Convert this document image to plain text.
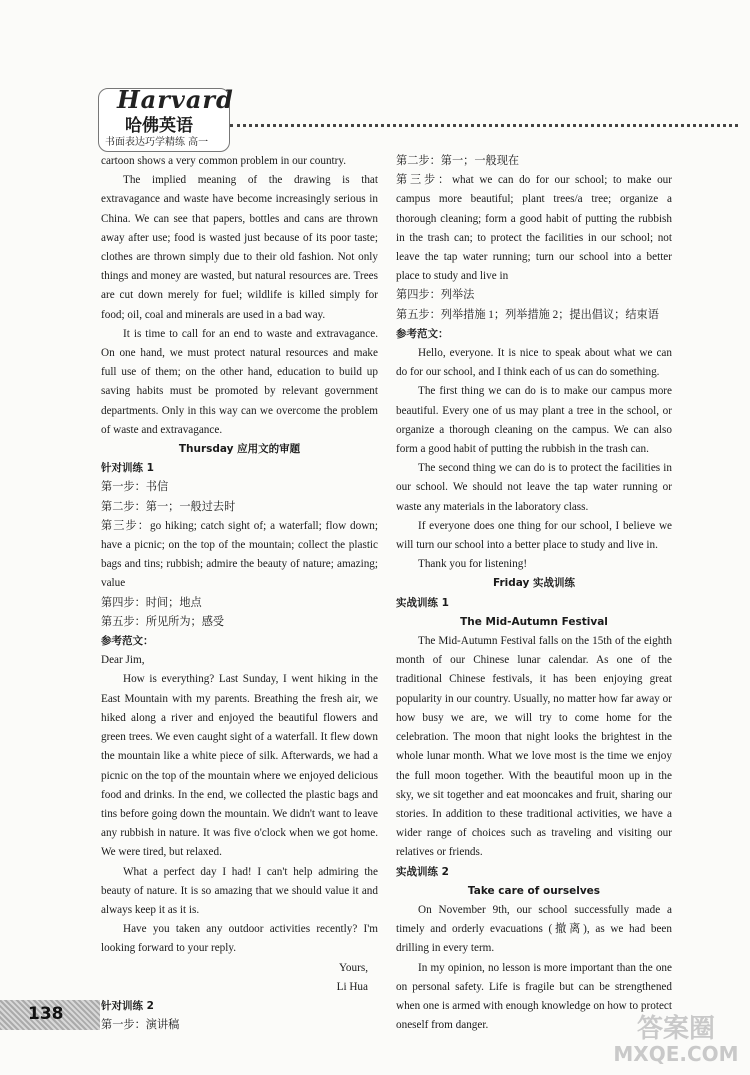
Harvard
哈佛英语
书面表达巧学精练 高一

cartoon shows a very common problem in our country.

The implied meaning of the drawing is that extravagance and waste have become increasingly serious in China. We can see that papers, bottles and cans are thrown away after use; food is wasted just because of its poor taste; clothes are thrown simply due to their old fashion. Not only things and money are wasted, but natural resources are. Trees are cut down merely for fuel; wildlife is killed simply for food; oil, coal and minerals are used in a bad way.

It is time to call for an end to waste and extravagance. On one hand, we must protect natural resources and make full use of them; on the other hand, education to build up saving habits must be promoted by relevant government departments. Only in this way can we overcome the problem of waste and extravagance.

Thursday 应用文的审题

针对训练 1

第一步：书信

第二步：第一；一般过去时

第三步：go hiking; catch sight of; a waterfall; flow down; have a picnic; on the top of the mountain; collect the plastic bags and tins; rubbish; admire the beauty of nature; amazing; value

第四步：时间；地点

第五步：所见所为；感受

参考范文：

Dear Jim,

How is everything? Last Sunday, I went hiking in the East Mountain with my parents. Breathing the fresh air, we hiked along a river and enjoyed the beautiful flowers and green trees. We even caught sight of a waterfall. It flew down the mountain like a white piece of silk. Afterwards, we had a picnic on the top of the mountain where we enjoyed delicious food and drinks. In the end, we collected the plastic bags and tins before going down the mountain. We didn't want to leave any rubbish in nature. It was five o'clock when we got home. We were tired, but relaxed.

What a perfect day I had! I can't help admiring the beauty of nature. It is so amazing that we should value it and always keep it as it is.

Have you taken any outdoor activities recently? I'm looking forward to your reply.

Yours,

Li Hua

针对训练 2

第一步：演讲稿

第二步：第一；一般现在

第三步：what we can do for our school; to make our campus more beautiful; plant trees/a tree; organize a thorough cleaning; form a good habit of putting the rubbish in the trash can; to protect the facilities in our school; not leave the tap water running; turn our school into a better place to study and live in

第四步：列举法

第五步：列举措施 1；列举措施 2；提出倡议；结束语

参考范文：

Hello, everyone. It is nice to speak about what we can do for our school, and I think each of us can do something.

The first thing we can do is to make our campus more beautiful. Every one of us may plant a tree in the school, or organize a thorough cleaning on the campus. We can also form a good habit of putting the rubbish in the trash can.

The second thing we can do is to protect the facilities in our school. We should not leave the tap water running or waste any materials in the laboratory class.

If everyone does one thing for our school, I believe we will turn our school into a better place to study and live in.

Thank you for listening!

Friday 实战训练

实战训练 1

The Mid-Autumn Festival

The Mid-Autumn Festival falls on the 15th of the eighth month of our Chinese lunar calendar. As one of the traditional Chinese festivals, it has been enjoying great popularity in our country. Usually, no matter how far away or how busy we are, we will try to come home for the celebration. The moon that night looks the brightest in the whole lunar month. What we love most is the time we enjoy the full moon together. With the beautiful moon up in the sky, we sit together and eat mooncakes and fruit, sharing our stories. In addition to these traditional activities, we have a wider range of choices such as traveling and visiting our relatives or friends.

实战训练 2

Take care of ourselves

On November 9th, our school successfully made a timely and orderly evacuations (撤离), as we had been drilling in every term.

In my opinion, no lesson is more important than the one on personal safety. Life is fragile but can be strengthened when one is armed with enough knowledge on how to protect oneself from danger.

138	答案圈
MXQE.COM
